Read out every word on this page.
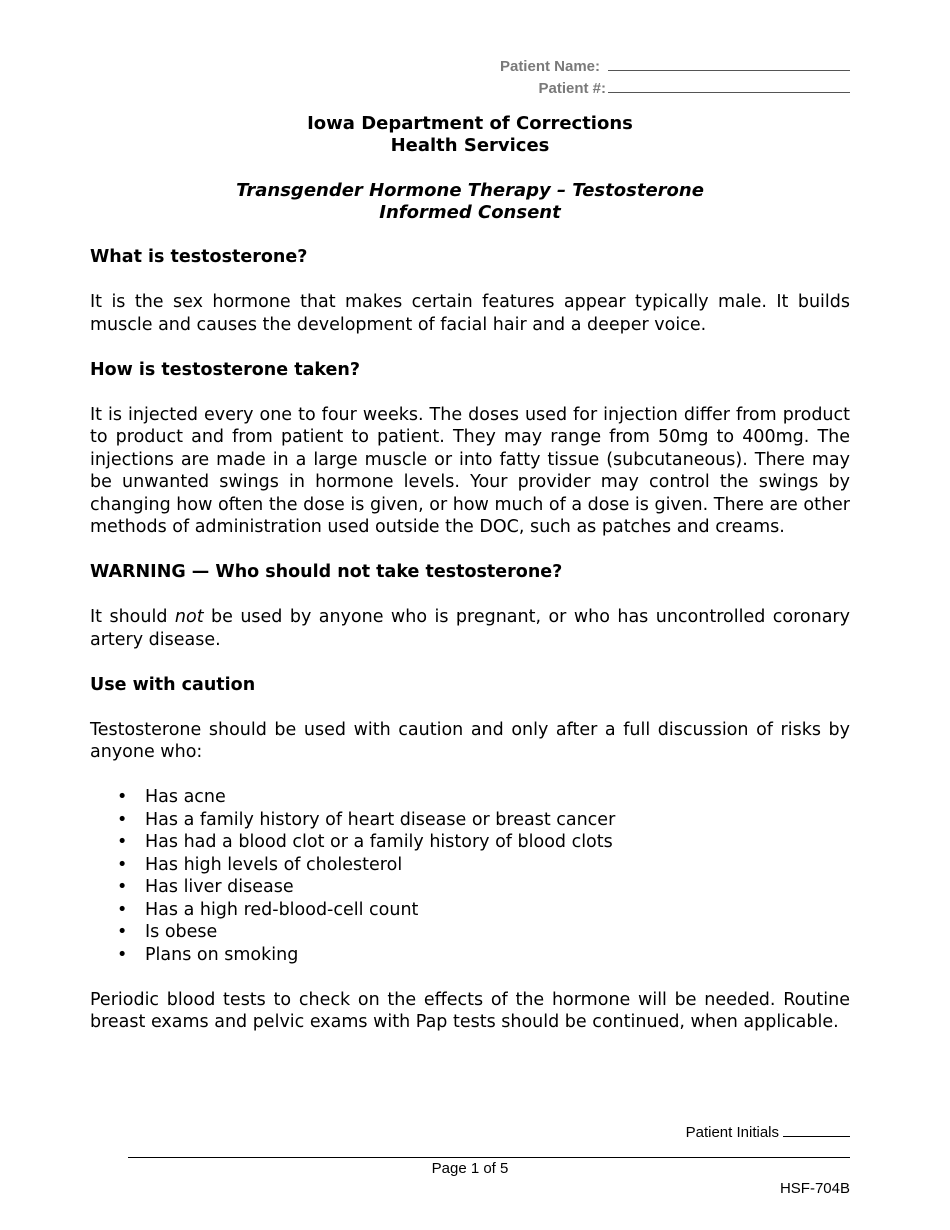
Patient Name:
Patient #:
Iowa Department of Corrections
Health Services
Transgender Hormone Therapy – Testosterone
Informed Consent
What is testosterone?

It is the sex hormone that makes certain features appear typically male. It builds muscle and causes the development of facial hair and a deeper voice.

How is testosterone taken?

It is injected every one to four weeks. The doses used for injection differ from product to product and from patient to patient. They may range from 50mg to 400mg. The injections are made in a large muscle or into fatty tissue (subcutaneous). There may be unwanted swings in hormone levels. Your provider may control the swings by changing how often the dose is given, or how much of a dose is given. There are other methods of administration used outside the DOC, such as patches and creams.

WARNING — Who should not take testosterone?

It should not be used by anyone who is pregnant, or who has uncontrolled coronary artery disease.

Use with caution

Testosterone should be used with caution and only after a full discussion of risks by anyone who:

• Has acne
• Has a family history of heart disease or breast cancer
• Has had a blood clot or a family history of blood clots
• Has high levels of cholesterol
• Has liver disease
• Has a high red-blood-cell count
• Is obese
• Plans on smoking

Periodic blood tests to check on the effects of the hormone will be needed. Routine breast exams and pelvic exams with Pap tests should be continued, when applicable.

Patient Initials
Page 1 of 5
HSF-704B
